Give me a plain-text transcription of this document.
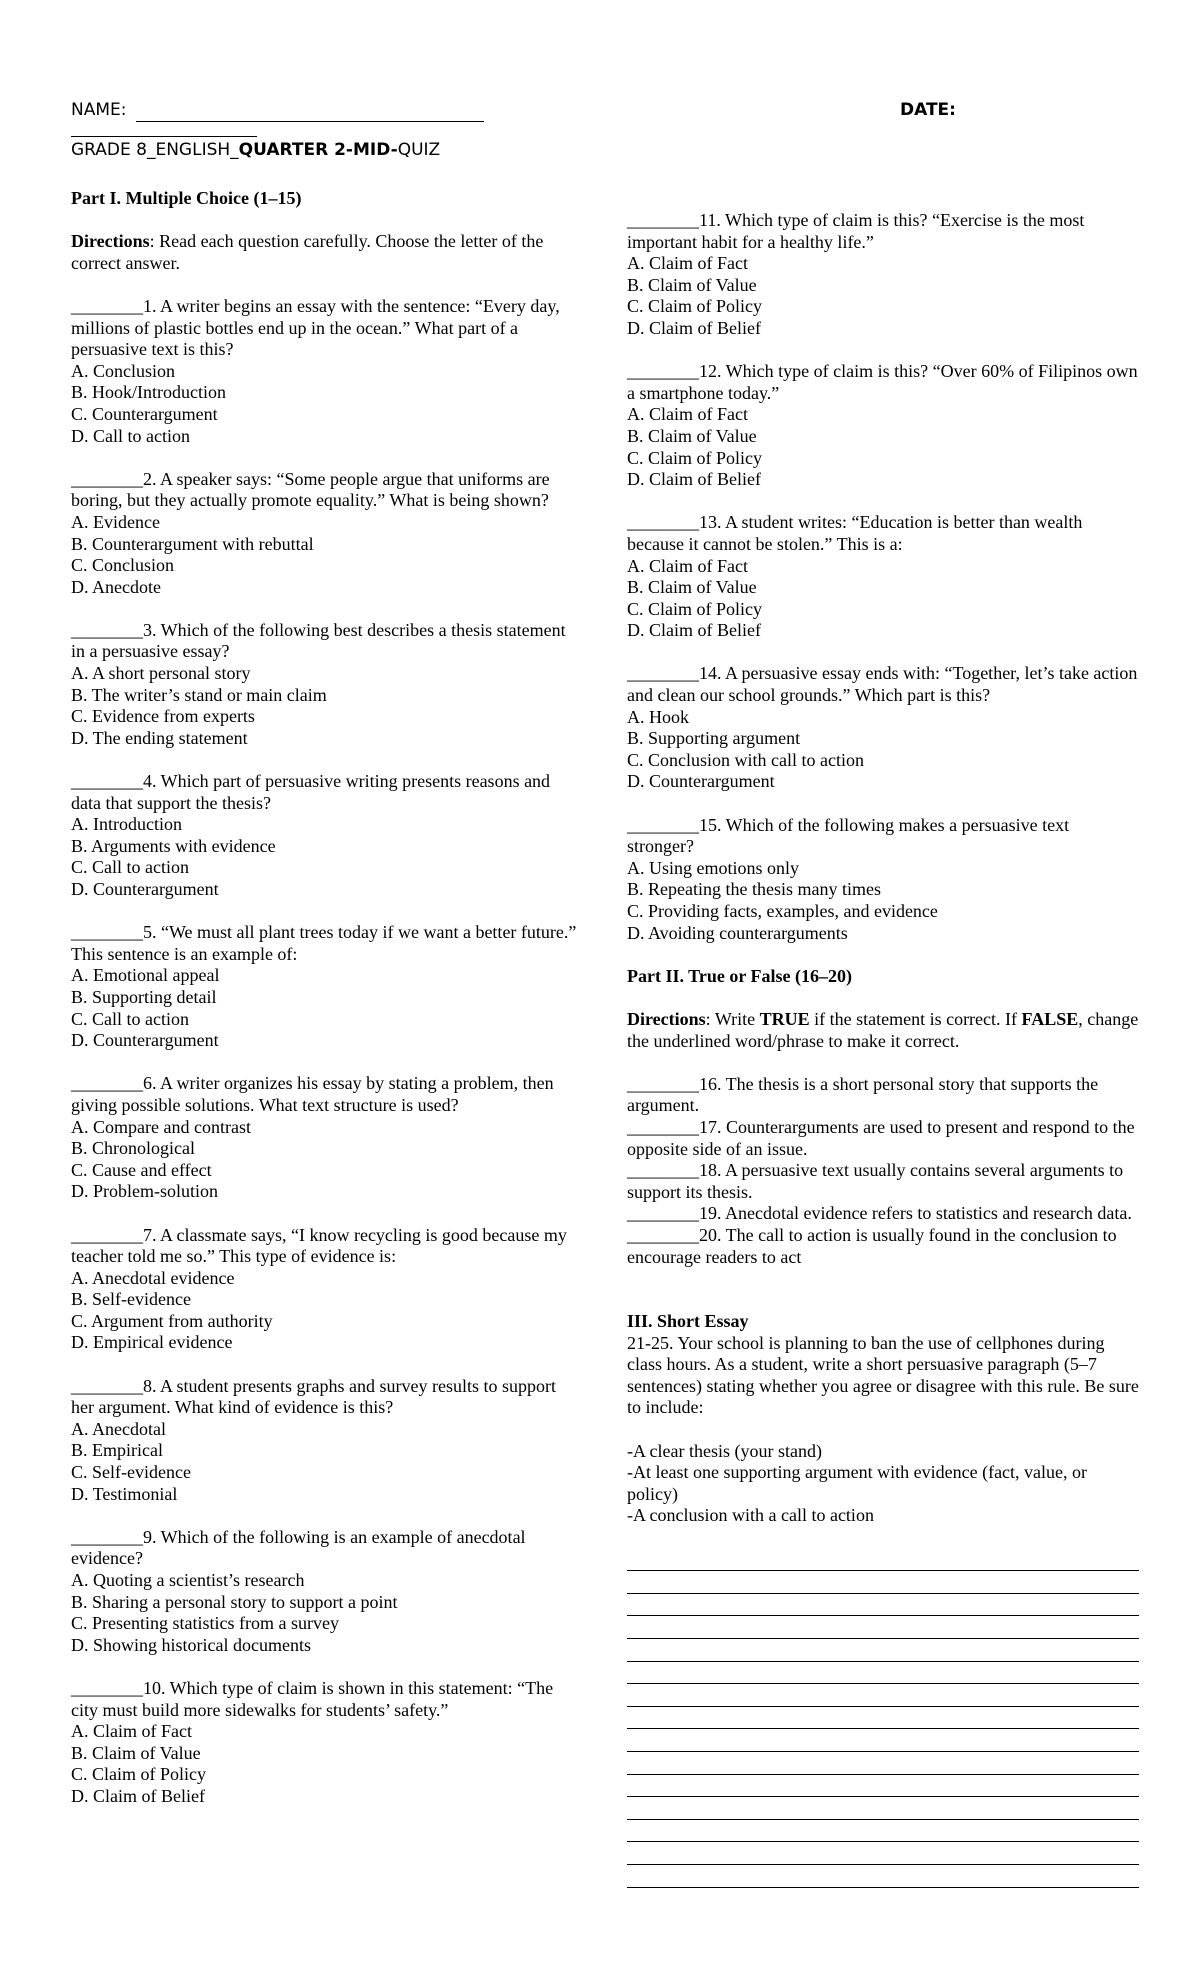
NAME:	DATE:
GRADE 8_ENGLISH_QUARTER 2-MID-QUIZ

Part I. Multiple Choice (1–15)

Directions: Read each question carefully. Choose the letter of the correct answer.

________1. A writer begins an essay with the sentence: “Every day, millions of plastic bottles end up in the ocean.” What part of a persuasive text is this?

A. Conclusion

B. Hook/Introduction

C. Counterargument

D. Call to action

________2. A speaker says: “Some people argue that uniforms are boring, but they actually promote equality.” What is being shown?

A. Evidence

B. Counterargument with rebuttal

C. Conclusion

D. Anecdote

________3. Which of the following best describes a thesis statement in a persuasive essay?

A. A short personal story

B. The writer’s stand or main claim

C. Evidence from experts

D. The ending statement

________4. Which part of persuasive writing presents reasons and data that support the thesis?

A. Introduction

B. Arguments with evidence

C. Call to action

D. Counterargument

________5. “We must all plant trees today if we want a better future.” This sentence is an example of:

A. Emotional appeal

B. Supporting detail

C. Call to action

D. Counterargument

________6. A writer organizes his essay by stating a problem, then giving possible solutions. What text structure is used?

A. Compare and contrast

B. Chronological

C. Cause and effect

D. Problem-solution

________7. A classmate says, “I know recycling is good because my teacher told me so.” This type of evidence is:

A. Anecdotal evidence

B. Self-evidence

C. Argument from authority

D. Empirical evidence

________8. A student presents graphs and survey results to support her argument. What kind of evidence is this?

A. Anecdotal

B. Empirical

C. Self-evidence

D. Testimonial

________9. Which of the following is an example of anecdotal evidence?

A. Quoting a scientist’s research

B. Sharing a personal story to support a point

C. Presenting statistics from a survey

D. Showing historical documents

________10. Which type of claim is shown in this statement: “The city must build more sidewalks for students’ safety.”

A. Claim of Fact

B. Claim of Value

C. Claim of Policy

D. Claim of Belief

________11. Which type of claim is this? “Exercise is the most important habit for a healthy life.”

A. Claim of Fact

B. Claim of Value

C. Claim of Policy

D. Claim of Belief

________12. Which type of claim is this? “Over 60% of Filipinos own a smartphone today.”

A. Claim of Fact

B. Claim of Value

C. Claim of Policy

D. Claim of Belief

________13. A student writes: “Education is better than wealth because it cannot be stolen.” This is a:

A. Claim of Fact

B. Claim of Value

C. Claim of Policy

D. Claim of Belief

________14. A persuasive essay ends with: “Together, let’s take action and clean our school grounds.” Which part is this?

A. Hook

B. Supporting argument

C. Conclusion with call to action

D. Counterargument

________15. Which of the following makes a persuasive text stronger?

A. Using emotions only

B. Repeating the thesis many times

C. Providing facts, examples, and evidence

D. Avoiding counterarguments

Part II. True or False (16–20)

Directions: Write TRUE if the statement is correct. If FALSE, change the underlined word/phrase to make it correct.

________16. The thesis is a short personal story that supports the argument.

________17. Counterarguments are used to present and respond to the opposite side of an issue.

________18. A persuasive text usually contains several arguments to support its thesis.

________19. Anecdotal evidence refers to statistics and research data.

________20. The call to action is usually found in the conclusion to encourage readers to act

III. Short Essay

21-25. Your school is planning to ban the use of cellphones during class hours. As a student, write a short persuasive paragraph (5–7 sentences) stating whether you agree or disagree with this rule. Be sure to include:

-A clear thesis (your stand)

-At least one supporting argument with evidence (fact, value, or policy)

-A conclusion with a call to action
